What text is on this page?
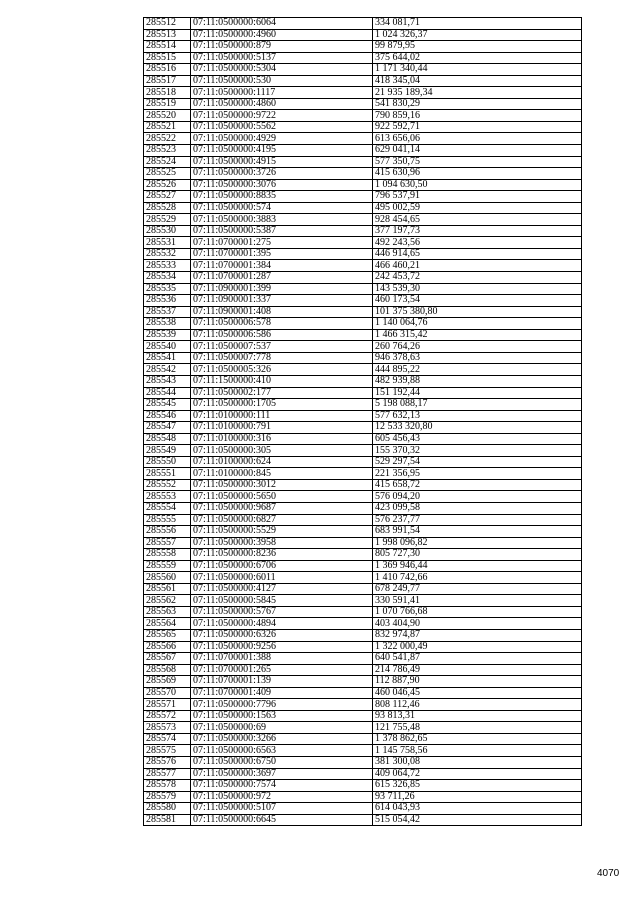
285512	07:11:0500000:6064	334 081,71
285513	07:11:0500000:4960	1 024 326,37
285514	07:11:0500000:879	99 879,95
285515	07:11:0500000:5137	375 644,02
285516	07:11:0500000:5304	1 171 340,44
285517	07:11:0500000:530	418 345,04
285518	07:11:0500000:1117	21 935 189,34
285519	07:11:0500000:4860	541 830,29
285520	07:11:0500000:9722	790 859,16
285521	07:11:0500000:5562	922 592,71
285522	07:11:0500000:4929	613 656,06
285523	07:11:0500000:4195	629 041,14
285524	07:11:0500000:4915	577 350,75
285525	07:11:0500000:3726	415 630,96
285526	07:11:0500000:3076	1 094 630,50
285527	07:11:0500000:8835	796 537,91
285528	07:11:0500000:574	495 002,59
285529	07:11:0500000:3883	928 454,65
285530	07:11:0500000:5387	377 197,73
285531	07:11:0700001:275	492 243,56
285532	07:11:0700001:395	446 914,65
285533	07:11:0700001:384	466 460,21
285534	07:11:0700001:287	242 453,72
285535	07:11:0900001:399	143 539,30
285536	07:11:0900001:337	460 173,54
285537	07:11:0900001:408	101 375 380,80
285538	07:11:0500006:578	1 140 064,76
285539	07:11:0500006:586	1 466 315,42
285540	07:11:0500007:537	260 764,26
285541	07:11:0500007:778	946 378,63
285542	07:11:0500005:326	444 895,22
285543	07:11:1500000:410	482 939,88
285544	07:11:0500002:177	151 192,44
285545	07:11:0500000:1705	5 198 088,17
285546	07:11:0100000:111	577 632,13
285547	07:11:0100000:791	12 533 320,80
285548	07:11:0100000:316	605 456,43
285549	07:11:0500000:305	155 370,32
285550	07:11:0100000:624	529 297,54
285551	07:11:0100000:845	221 356,95
285552	07:11:0500000:3012	415 658,72
285553	07:11:0500000:5650	576 094,20
285554	07:11:0500000:9687	423 099,58
285555	07:11:0500000:6827	576 237,77
285556	07:11:0500000:5529	683 991,54
285557	07:11:0500000:3958	1 998 096,82
285558	07:11:0500000:8236	805 727,30
285559	07:11:0500000:6706	1 369 946,44
285560	07:11:0500000:6011	1 410 742,66
285561	07:11:0500000:4127	678 249,77
285562	07:11:0500000:5845	330 591,41
285563	07:11:0500000:5767	1 070 766,68
285564	07:11:0500000:4894	403 404,90
285565	07:11:0500000:6326	832 974,87
285566	07:11:0500000:9256	1 322 000,49
285567	07:11:0700001:388	640 541,87
285568	07:11:0700001:265	214 786,49
285569	07:11:0700001:139	112 887,90
285570	07:11:0700001:409	460 046,45
285571	07:11:0500000:7796	808 112,46
285572	07:11:0500000:1563	93 813,31
285573	07:11:0500000:69	121 755,48
285574	07:11:0500000:3266	1 378 862,65
285575	07:11:0500000:6563	1 145 758,56
285576	07:11:0500000:6750	381 300,08
285577	07:11:0500000:3697	409 064,72
285578	07:11:0500000:7574	615 326,85
285579	07:11:0500000:972	93 711,26
285580	07:11:0500000:5107	614 043,93
285581	07:11:0500000:6645	515 054,42
4070
